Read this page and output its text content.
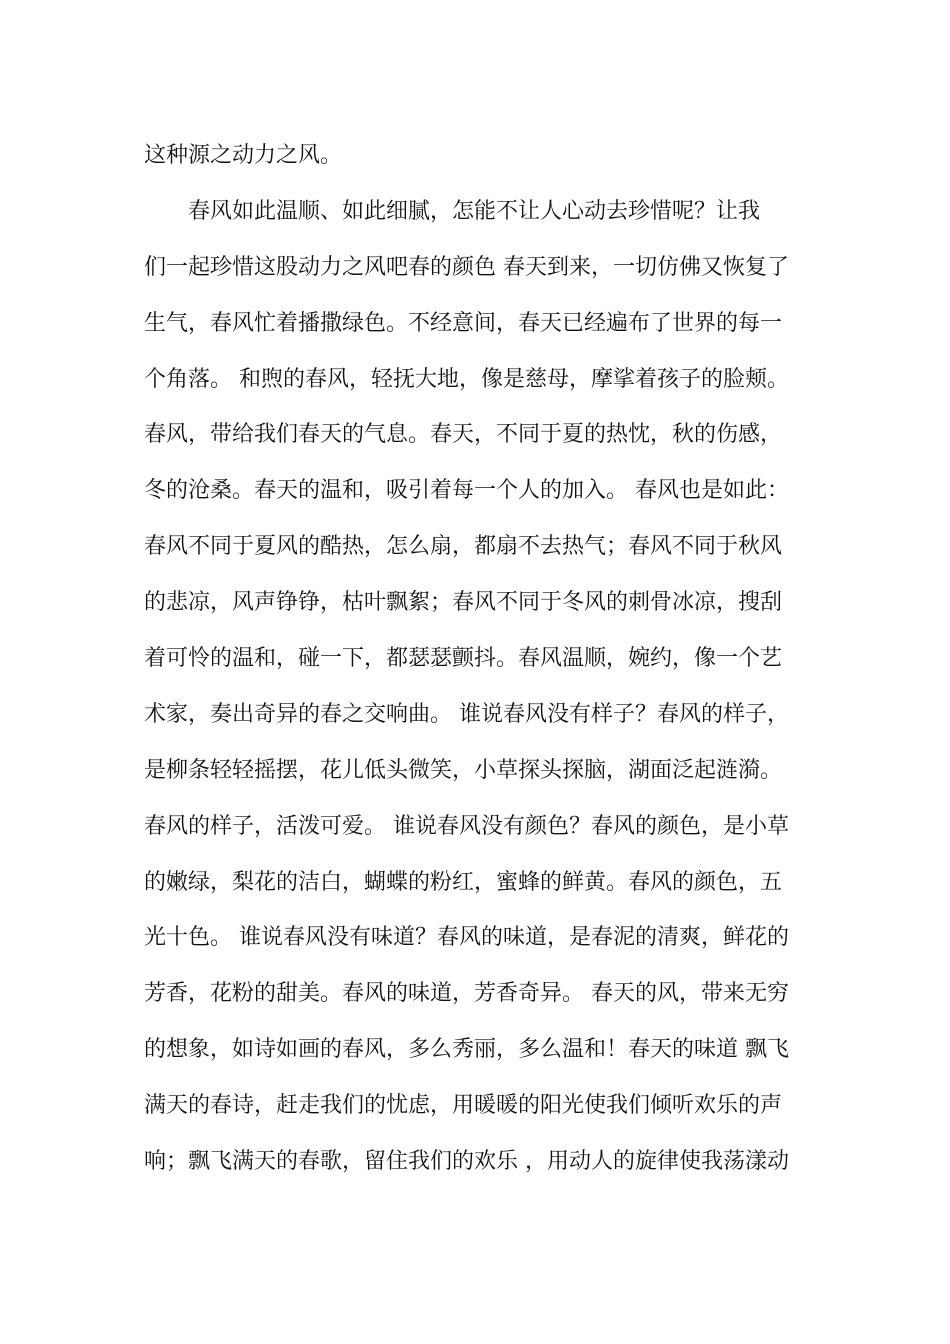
这种源之动力之风。
　　春风如此温顺、如此细腻，怎能不让人心动去珍惜呢？让我
们一起珍惜这股动力之风吧春的颜色 春天到来，一切仿佛又恢复了
生气，春风忙着播撒绿色。不经意间，春天已经遍布了世界的每一
个角落。 和煦的春风，轻抚大地，像是慈母，摩挲着孩子的脸颊。
春风，带给我们春天的气息。春天，不同于夏的热忱，秋的伤感，
冬的沧桑。春天的温和，吸引着每一个人的加入。 春风也是如此：
春风不同于夏风的酷热，怎么扇，都扇不去热气；春风不同于秋风
的悲凉，风声铮铮，枯叶飘絮；春风不同于冬风的刺骨冰凉，搜刮
着可怜的温和，碰一下，都瑟瑟颤抖。春风温顺，婉约，像一个艺
术家，奏出奇异的春之交响曲。 谁说春风没有样子？春风的样子，
是柳条轻轻摇摆，花儿低头微笑，小草探头探脑，湖面泛起涟漪。
春风的样子，活泼可爱。 谁说春风没有颜色？春风的颜色，是小草
的嫩绿，梨花的洁白，蝴蝶的粉红，蜜蜂的鲜黄。春风的颜色，五
光十色。 谁说春风没有味道？春风的味道，是春泥的清爽，鲜花的
芳香，花粉的甜美。春风的味道，芳香奇异。 春天的风，带来无穷
的想象，如诗如画的春风，多么秀丽，多么温和！春天的味道 飘飞
满天的春诗，赶走我们的忧虑，用暖暖的阳光使我们倾听欢乐的声
响；飘飞满天的春歌，留住我们的欢乐 ，用动人的旋律使我荡漾动
